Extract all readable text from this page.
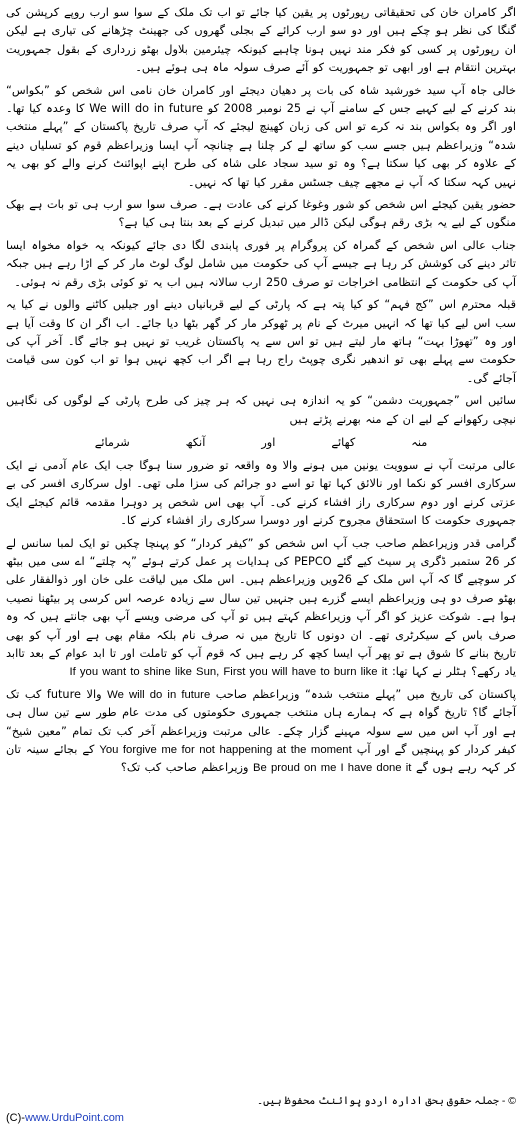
اگر کامران خان کی تحقیقاتی رپورٹوں پر یقین کیا جائے تو اب تک ملک کے سوا سو ارب روپے کرپشن کی گنگا کی نظر ہو چکے ہیں اور دو سو ارب کرائے کے بجلی گھروں کی جھینٹ چڑھانے کی تیاری ہے لیکن ان رپورٹوں پر کسی کو فکر مند نہیں ہونا چاہیے کیونکہ چیئرمین بلاول بھٹو زرداری کے بقول جمہوریت بہترین انتقام ہے اور ابھی تو جمہوریت کو آئے صرف سولہ ماہ ہی ہوئے ہیں۔

خالی جاہ آپ سید خورشید شاہ کی بات پر دھیان دیجئے اور کامران خان نامی اس شخص کو ”بکواس“ بند کرنے کے لیے کہیے جس کے سامنے آپ نے 25 نومبر 2008 کو We will do in future کا وعدہ کیا تھا۔ اور اگر وہ بکواس بند نہ کرے تو اس کی زبان کھینچ لیجئے کہ آپ صرف تاریخ پاکستان کے ”پہلے منتخب شدہ“ وزیراعظم ہیں جسے سب کو ساتھ لے کر چلنا ہے چنانچہ آپ ایسا وزیراعظم قوم کو تسلیاں دینے کے علاوہ کر بھی کیا سکتا ہے؟ وہ تو سید سجاد علی شاہ کی طرح اپنے اپوائنٹ کرنے والے کو بھی یہ نہیں کہہ سکتا کہ آپ نے مجھے چیف جسٹس مقرر کیا تھا کہ نہیں۔

حضور یقین کیجئے اس شخص کو شور وغوغا کرنے کی عادت ہے۔ صرف سوا سو ارب ہی تو بات ہے بھک منگوں کے لیے یہ بڑی رقم ہوگی لیکن ڈالر میں تبدیل کرنے کے بعد بنتا ہی کیا ہے؟

جناب عالی اس شخص کے گمراہ کن پروگرام پر فوری پابندی لگا دی جائے کیونکہ یہ خواہ مخواہ ایسا تاثر دینے کی کوشش کر رہا ہے جیسے آپ کی حکومت میں شامل لوگ لوٹ مار کر کے اڑا رہے ہیں جبکہ آپ کی حکومت کے انتظامی اخراجات تو صرف 250 ارب سالانہ ہیں اب یہ تو کوئی بڑی رقم نہ ہوئی۔

قبلہ محترم اس ”کج فہم“ کو کیا پتہ ہے کہ پارٹی کے لیے قربانیاں دینے اور جیلیں کاٹنے والوں نے کیا یہ سب اس لیے کیا تھا کہ انہیں میرٹ کے نام پر ٹھوکر مار کر گھر بٹھا دیا جائے۔ اب اگر ان کا وقت آیا ہے اور وہ ”تھوڑا بہت“ ہاتھ مار لیتے ہیں تو اس سے یہ پاکستان غریب تو نہیں ہو جائے گا۔ آخر آپ کی حکومت سے پہلے بھی تو اندھیر نگری چوپٹ راج رہا ہے اگر اب کچھ نہیں ہوا تو اب کون سی قیامت آجائے گی۔

سائیں اس ”جمہوریت دشمن“ کو یہ اندازہ ہی نہیں کہ ہر چیز کی طرح پارٹی کے لوگوں کی نگاہیں نیچی رکھوانے کے لیے ان کے منہ بھرنے پڑتے ہیں

منہ
کھائے
اور
آنکھ
شرمائے

عالی مرتبت آپ نے سوویت یونین میں ہونے والا وہ واقعہ تو ضرور سنا ہوگا جب ایک عام آدمی نے ایک سرکاری افسر کو نکما اور نالائق کہا تھا تو اسے دو جرائم کی سزا ملی تھی۔ اول سرکاری افسر کی بے عزتی کرنے اور دوم سرکاری راز افشاء کرنے کی۔ آپ بھی اس شخص پر دوہرا مقدمہ قائم کیجئے ایک جمہوری حکومت کا استحقاق مجروح کرنے اور دوسرا سرکاری راز افشاء کرنے کا۔

گرامی قدر وزیراعظم صاحب جب آپ اس شخص کو ”کیفر کردار“ کو پہنچا چکیں تو ایک لمبا سانس لے کر 26 ستمبر ڈگری پر سیٹ کیے گئے PEPCO کی ہدایات پر عمل کرتے ہوئے ”پہ چلتے“ اے سی میں بیٹھ کر سوچیے گا کہ آپ اس ملک کے 26ویں وزیراعظم ہیں۔ اس ملک میں لیاقت علی خان اور ذوالفقار علی بھٹو صرف دو ہی وزیراعظم ایسے گزرے ہیں جنہیں تین سال سے زیادہ عرصہ اس کرسی پر بیٹھنا نصیب ہوا ہے۔ شوکت عزیز کو اگر آپ وزیراعظم کہتے ہیں تو آپ کی مرضی ویسے آپ بھی جانتے ہیں کہ وہ صرف باس کے سیکرٹری تھے۔ ان دونوں کا تاریخ میں نہ صرف نام بلکہ مقام بھی ہے اور آپ کو بھی تاریخ بنانے کا شوق ہے تو پھر آپ ایسا کچھ کر رہے ہیں کہ قوم آپ کو تاملت اور تا ابد عوام کے بعد تاابد یاد رکھے؟ ہٹلر نے کہا تھا: If you want to shine like Sun, First you will have to burn like it

پاکستان کی تاریخ میں ”پہلے منتخب شدہ“ وزیراعظم صاحب We will do in future والا future کب تک آجائے گا؟ تاریخ گواہ ہے کہ ہمارے ہاں منتخب جمہوری حکومتوں کی مدت عام طور سے تین سال ہی ہے اور آپ اس میں سے سولہ مہینے گزار چکے۔ عالی مرتبت وزیراعظم آخر کب تک تمام ”معین شیخ“ کیفر کردار کو پہنچیں گے اور آپ You forgive me for not happening at the moment کے بجائے سینہ تان کر کہہ رہے ہوں گے Be proud on me I have done it وزیراعظم صاحب کب تک؟

© - جملہ حقوق بحق ادارہ اردو پوائنٹ محفوظ ہیں۔
(C)-www.UrduPoint.com
